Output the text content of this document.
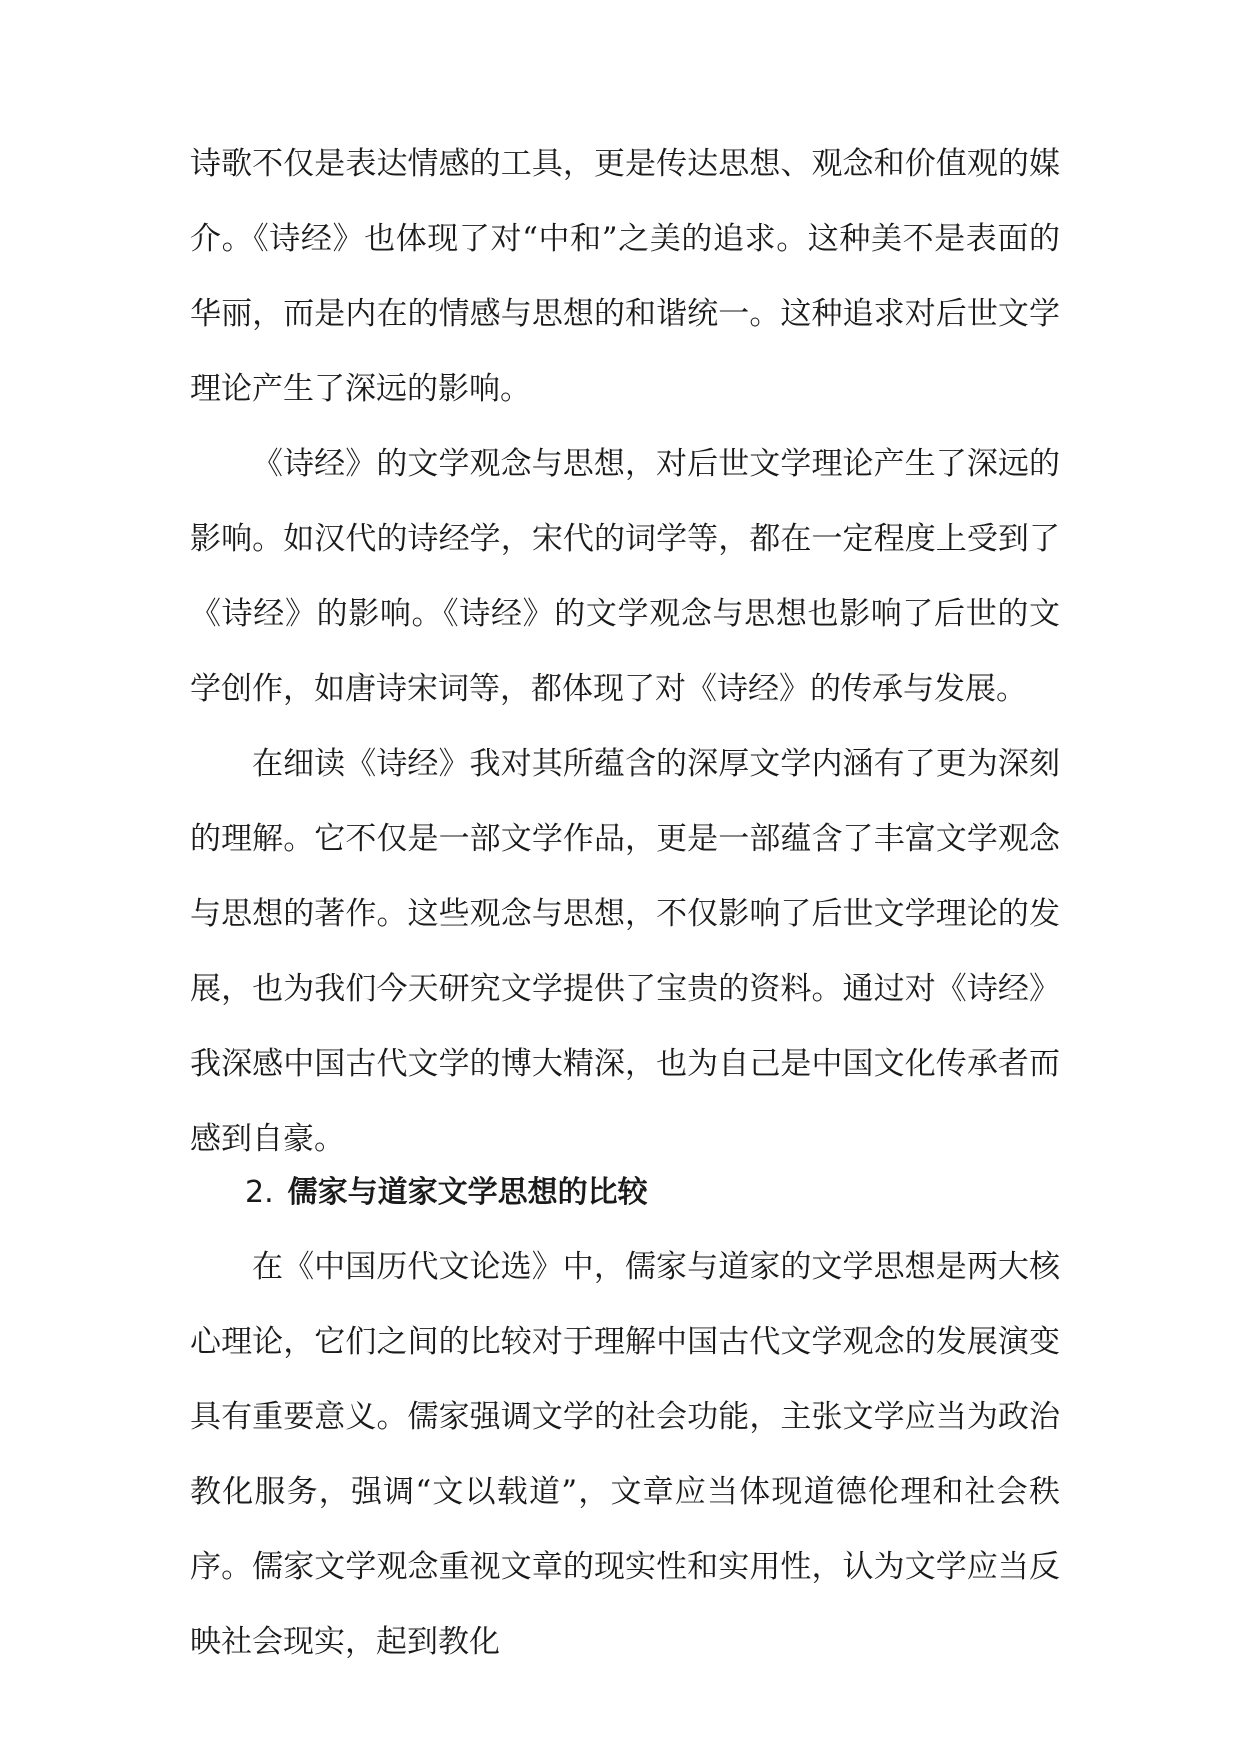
诗歌不仅是表达情感的工具，更是传达思想、观念和价值观的媒介。《诗经》也体现了对“中和”之美的追求。这种美不是表面的华丽，而是内在的情感与思想的和谐统一。这种追求对后世文学理论产生了深远的影响。

《诗经》的文学观念与思想，对后世文学理论产生了深远的影响。如汉代的诗经学，宋代的词学等，都在一定程度上受到了《诗经》的影响。《诗经》的文学观念与思想也影响了后世的文学创作，如唐诗宋词等，都体现了对《诗经》的传承与发展。

在细读《诗经》我对其所蕴含的深厚文学内涵有了更为深刻的理解。它不仅是一部文学作品，更是一部蕴含了丰富文学观念与思想的著作。这些观念与思想，不仅影响了后世文学理论的发展，也为我们今天研究文学提供了宝贵的资料。通过对《诗经》我深感中国古代文学的博大精深，也为自己是中国文化传承者而感到自豪。

2. 儒家与道家文学思想的比较

在《中国历代文论选》中，儒家与道家的文学思想是两大核心理论，它们之间的比较对于理解中国古代文学观念的发展演变具有重要意义。儒家强调文学的社会功能，主张文学应当为政治教化服务，强调“文以载道”，文章应当体现道德伦理和社会秩序。儒家文学观念重视文章的现实性和实用性，认为文学应当反映社会现实，起到教化
